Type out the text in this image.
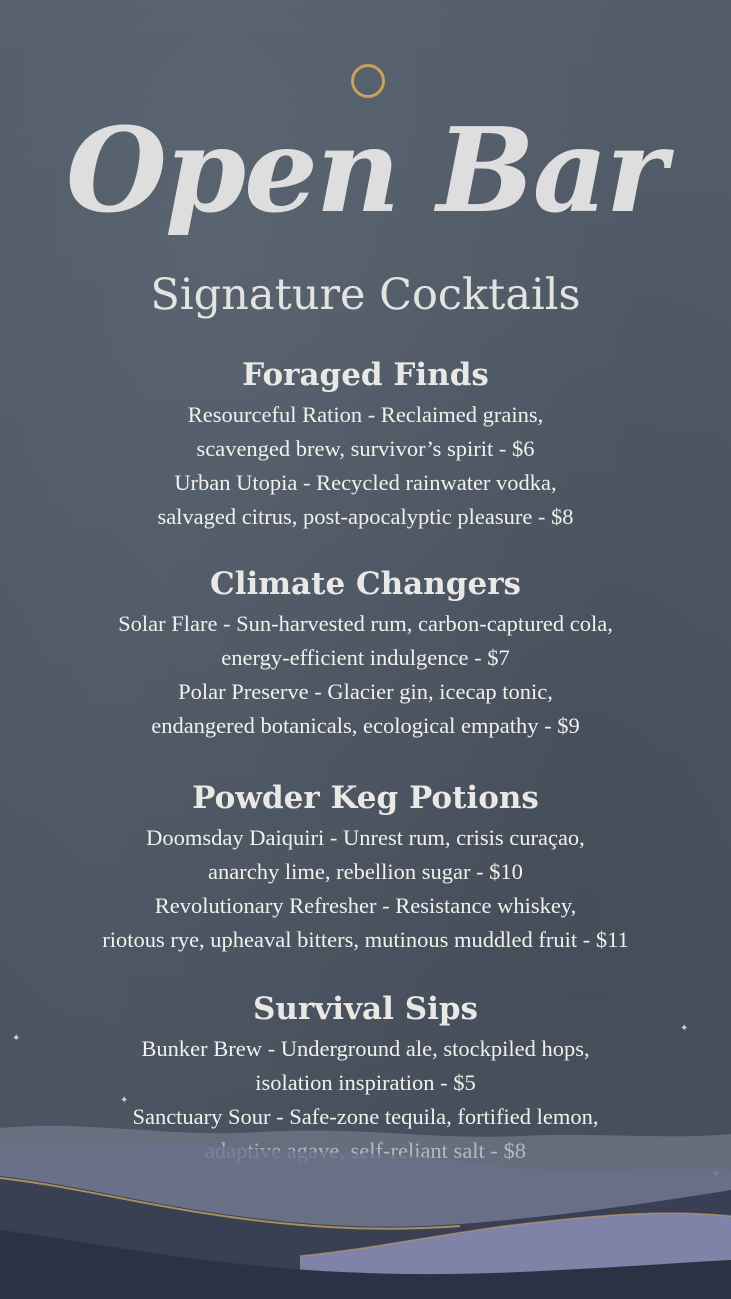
Open Bar
Signature Cocktails
Foraged Finds
Resourceful Ration - Reclaimed grains,
scavenged brew, survivor’s spirit - $6
Urban Utopia - Recycled rainwater vodka,
salvaged citrus, post-apocalyptic pleasure - $8
Climate Changers
Solar Flare - Sun-harvested rum, carbon-captured cola,
energy-efficient indulgence - $7
Polar Preserve - Glacier gin, icecap tonic,
endangered botanicals, ecological empathy - $9
Powder Keg Potions
Doomsday Daiquiri - Unrest rum, crisis curaçao,
anarchy lime, rebellion sugar - $10
Revolutionary Refresher - Resistance whiskey,
riotous rye, upheaval bitters, mutinous muddled fruit - $11
Survival Sips
Bunker Brew - Underground ale, stockpiled hops,
isolation inspiration - $5
Sanctuary Sour - Safe-zone tequila, fortified lemon,
✦
✦
✦
